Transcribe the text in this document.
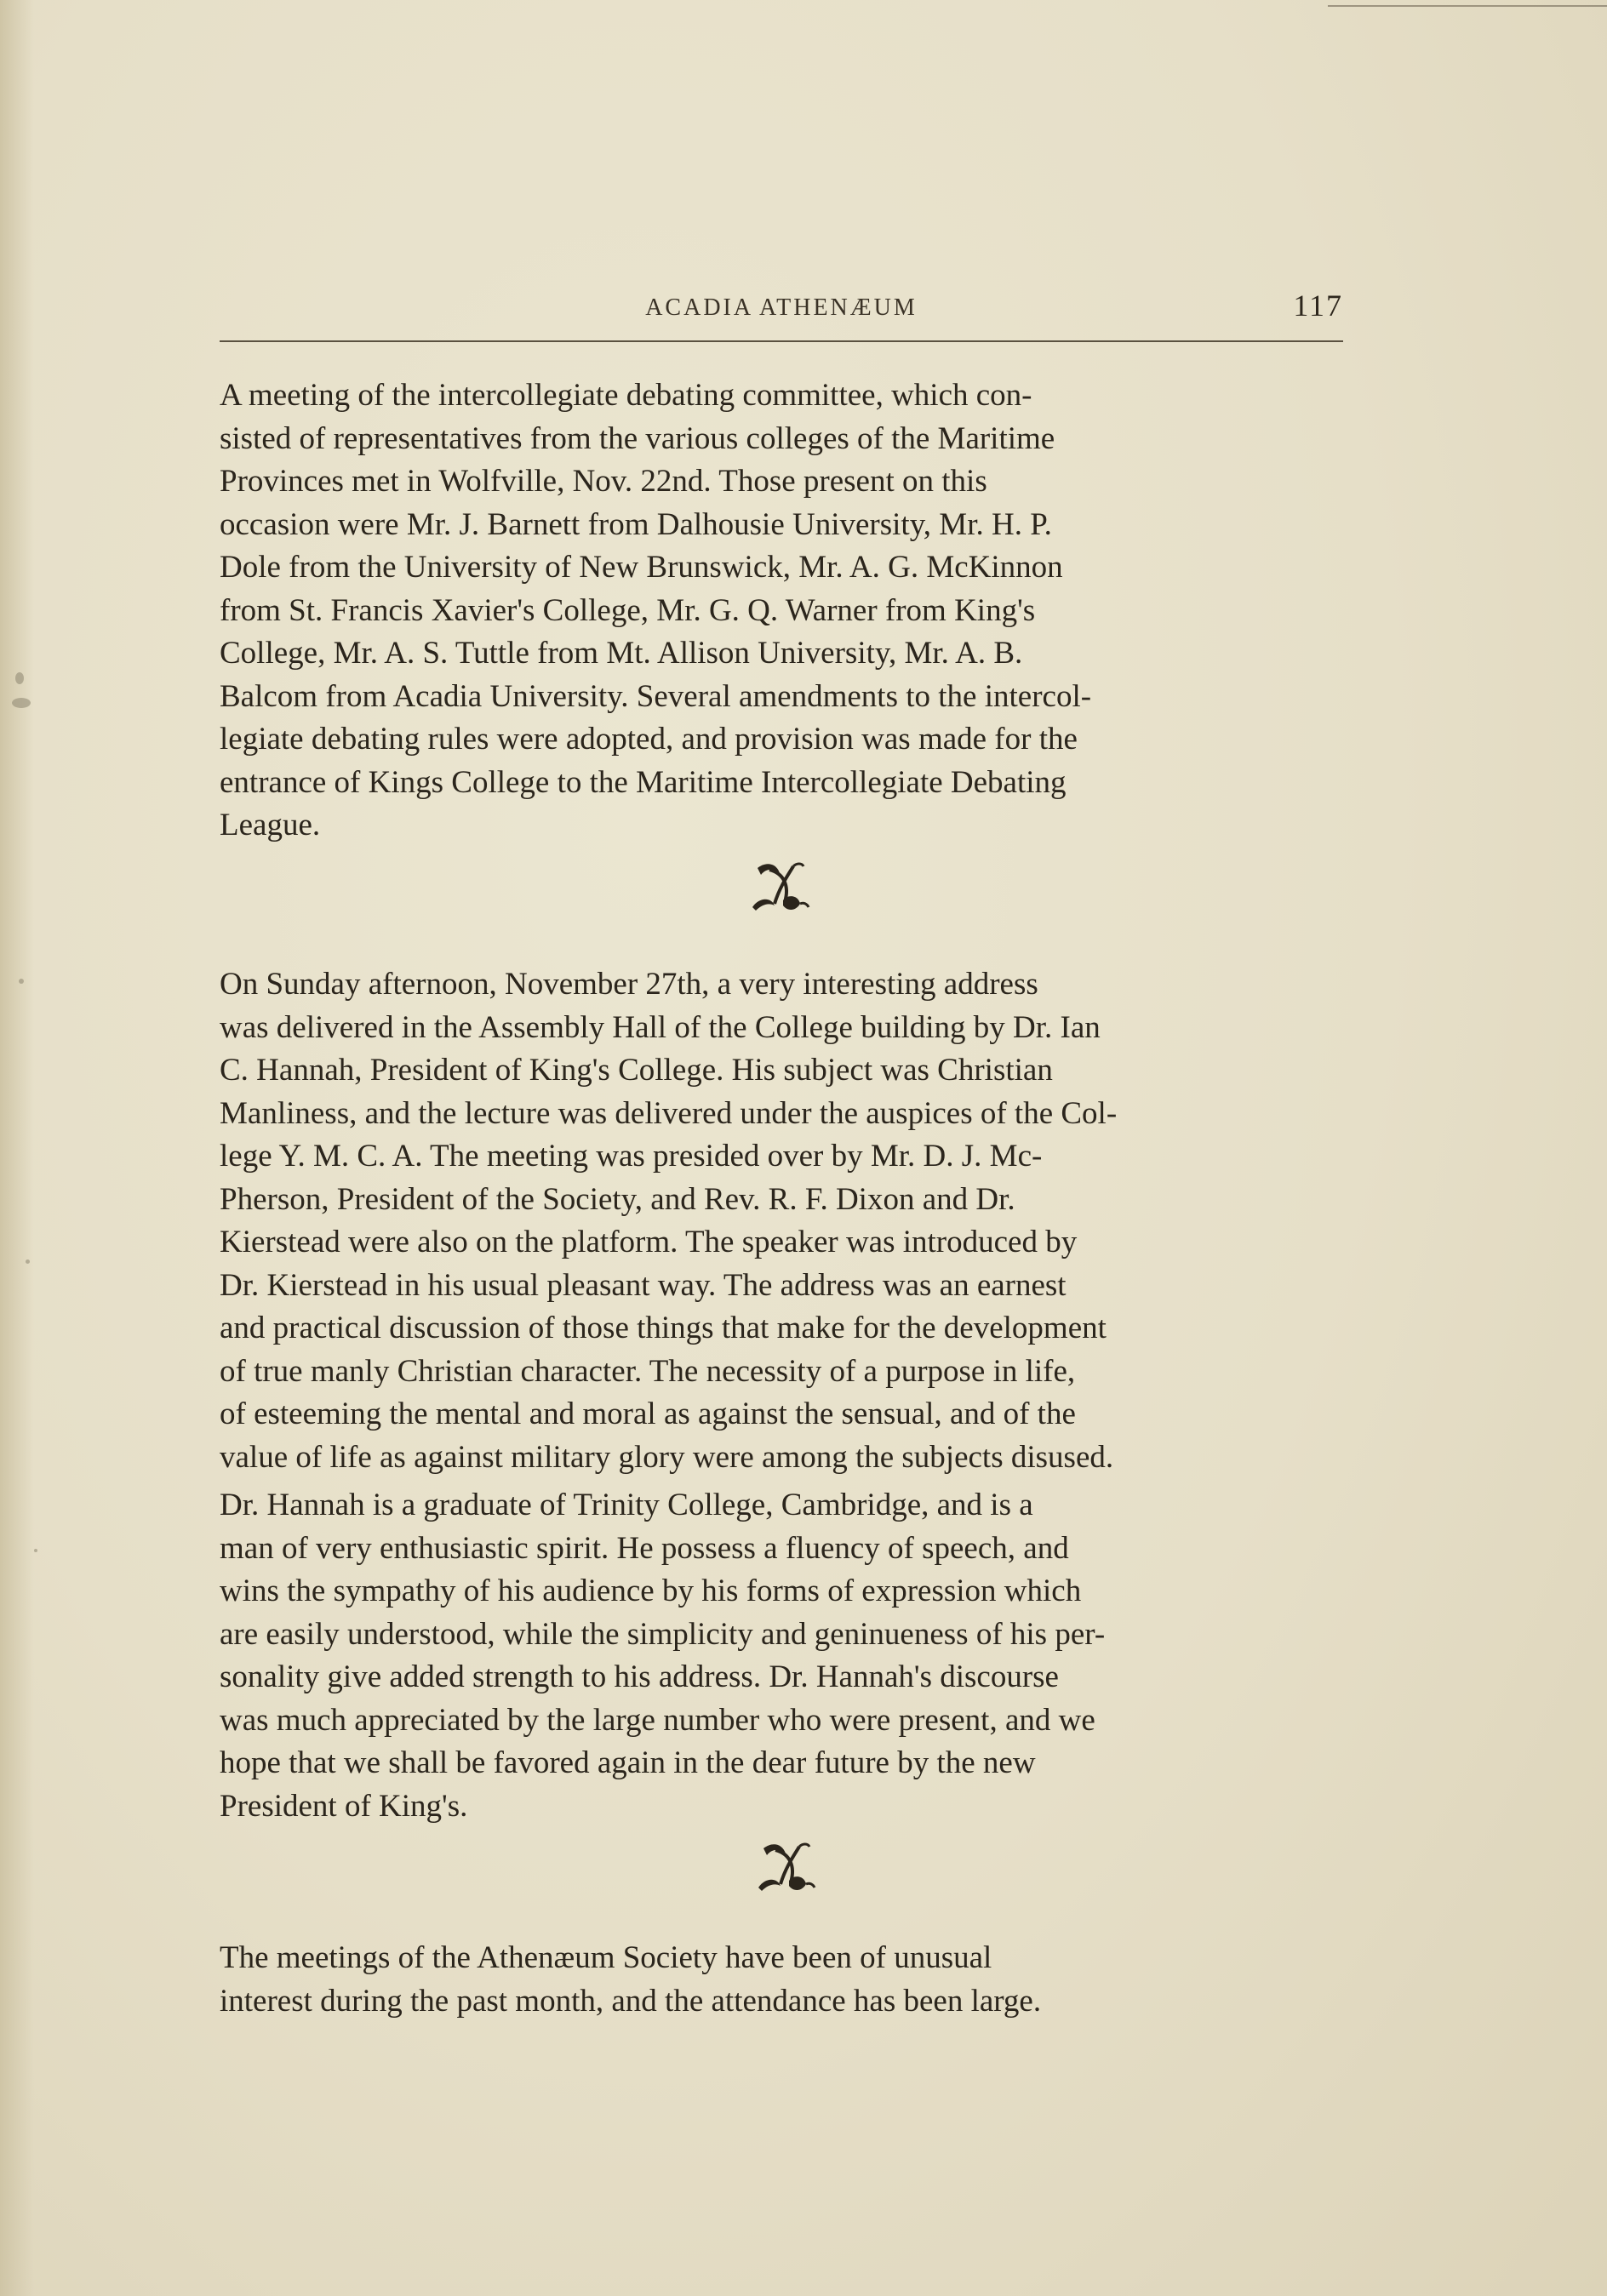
ACADIA ATHENÆUM	117

A meeting of the intercollegiate debating committee, which con-
sisted of representatives from the various colleges of the Maritime
Provinces met in Wolfville, Nov. 22nd. Those present on this
occasion were Mr. J. Barnett from Dalhousie University, Mr. H. P.
Dole from the University of New Brunswick, Mr. A. G. McKinnon
from St. Francis Xavier's College, Mr. G. Q. Warner from King's
College, Mr. A. S. Tuttle from Mt. Allison University, Mr. A. B.
Balcom from Acadia University. Several amendments to the intercol-
legiate debating rules were adopted, and provision was made for the
entrance of Kings College to the Maritime Intercollegiate Debating
League.

On Sunday afternoon, November 27th, a very interesting address
was delivered in the Assembly Hall of the College building by Dr. Ian
C. Hannah, President of King's College. His subject was Christian
Manliness, and the lecture was delivered under the auspices of the Col-
lege Y. M. C. A. The meeting was presided over by Mr. D. J. Mc-
Pherson, President of the Society, and Rev. R. F. Dixon and Dr.
Kierstead were also on the platform. The speaker was introduced by
Dr. Kierstead in his usual pleasant way. The address was an earnest
and practical discussion of those things that make for the development
of true manly Christian character. The necessity of a purpose in life,
of esteeming the mental and moral as against the sensual, and of the
value of life as against military glory were among the subjects disused.

Dr. Hannah is a graduate of Trinity College, Cambridge, and is a
man of very enthusiastic spirit. He possess a fluency of speech, and
wins the sympathy of his audience by his forms of expression which
are easily understood, while the simplicity and geninueness of his per-
sonality give added strength to his address. Dr. Hannah's discourse
was much appreciated by the large number who were present, and we
hope that we shall be favored again in the dear future by the new
President of King's.

The meetings of the Athenæum Society have been of unusual
interest during the past month, and the attendance has been large.
